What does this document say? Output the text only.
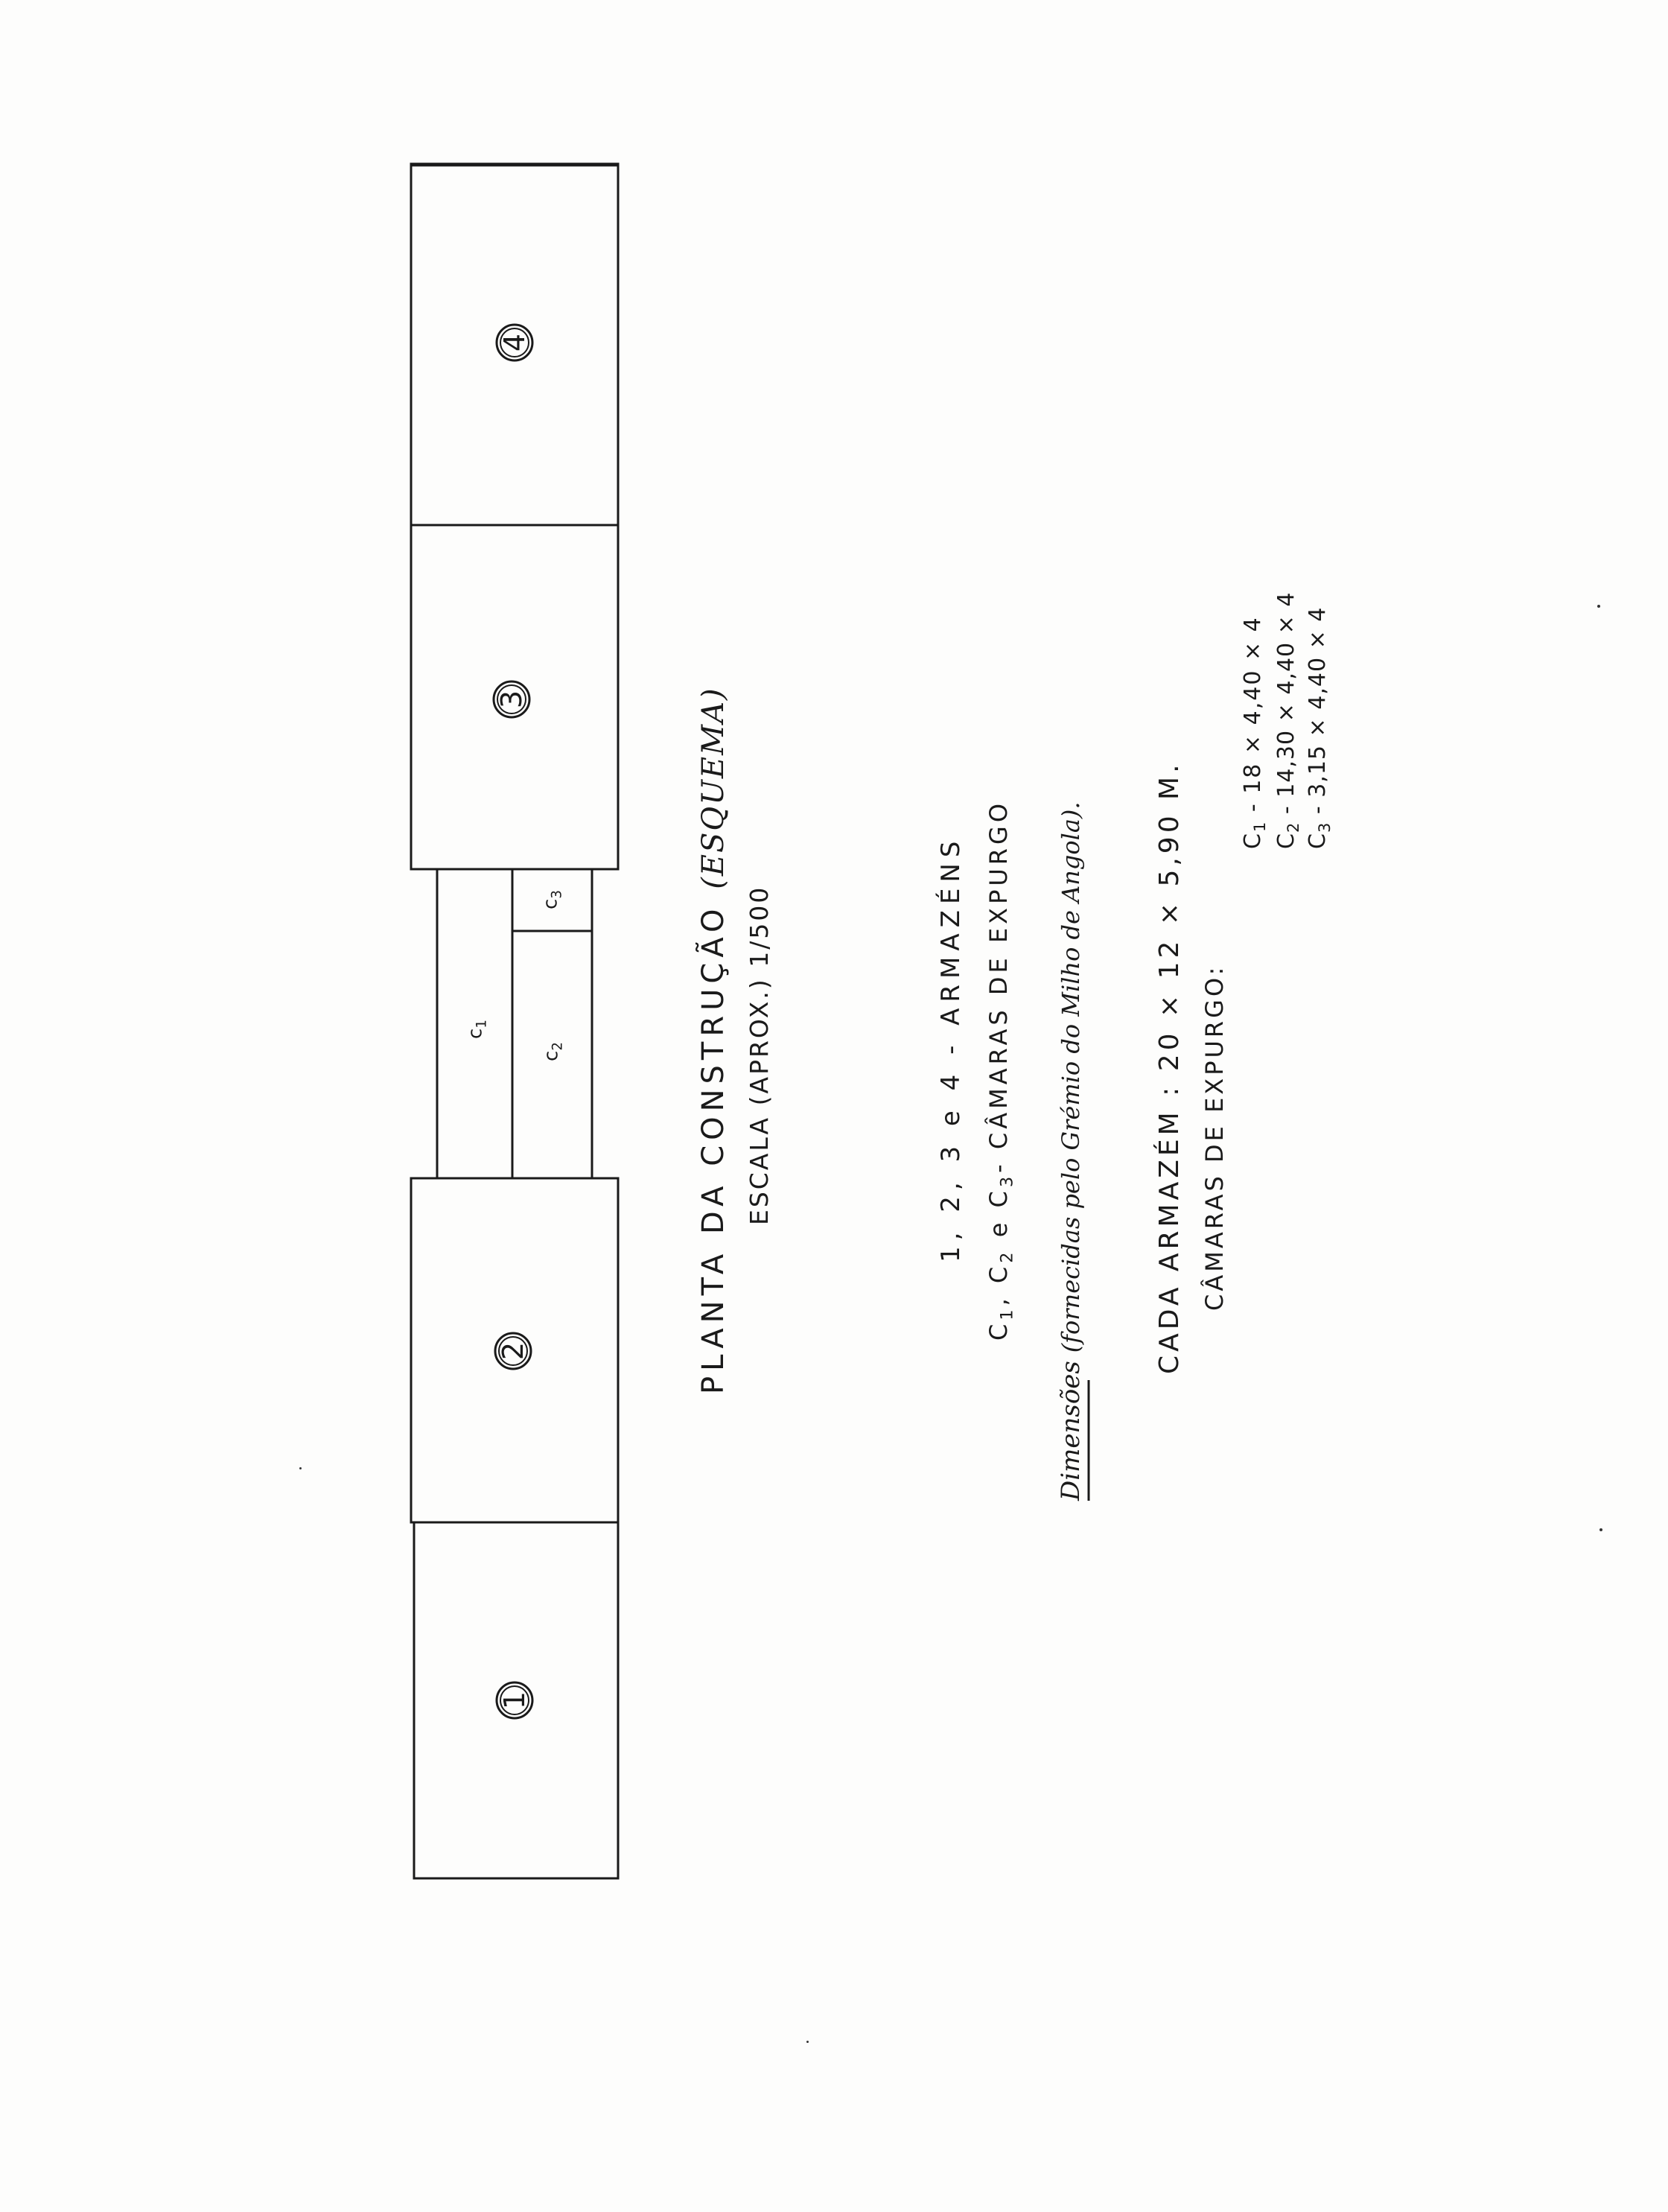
4
3
2
1
$c_1$
$c_2$
$c_3$
PLANTA DA CONSTRUÇÃO (ESQUEMA)
ESCALA (APROX.) 1/500	1, 2, 3 e 4 - ARMAZÉNS
$C_1$, $C_2$ e $C_3-$ CÂMARAS DE EXPURGO
Dimensões (fornecidas pelo Grémio do Milho de Angola).	CADA ARMAZÉM : 20 × 12 × 5,90 M. CÂMARAS DE EXPURGO:
$C_1 - 18 \times 4,40 \times 4$
$C_2 - 14,30 \times 4,40 \times 4$
$C_3 - 3,15 \times 4,40 \times 4$
